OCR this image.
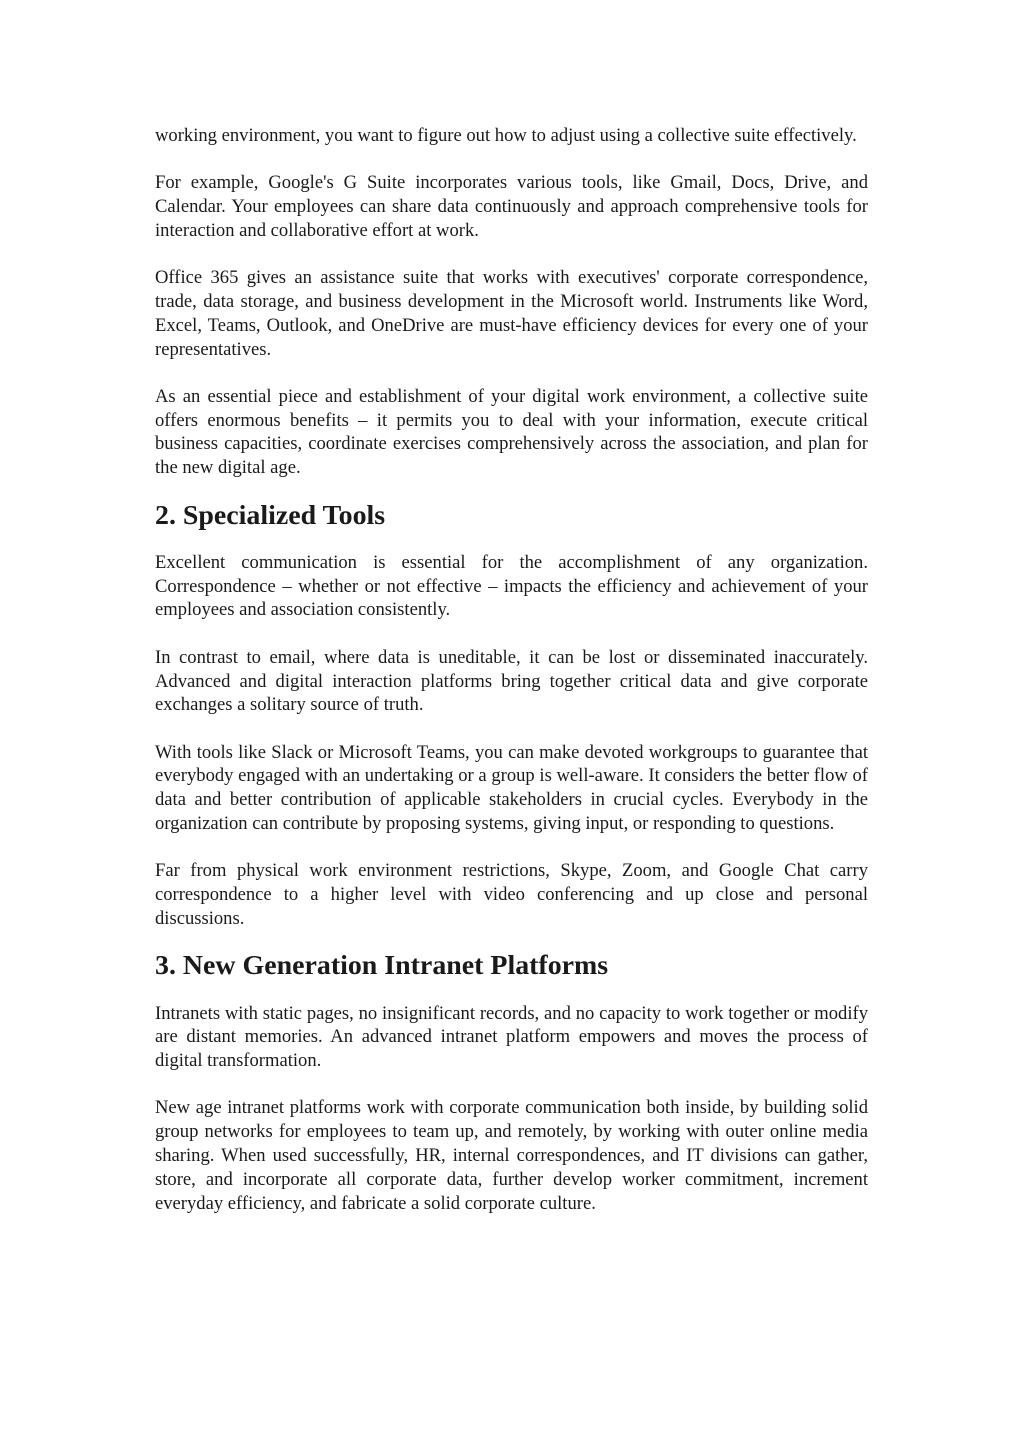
working environment, you want to figure out how to adjust using a collective suite effectively.

For example, Google's G Suite incorporates various tools, like Gmail, Docs, Drive, and Calendar. Your employees can share data continuously and approach comprehensive tools for interaction and collaborative effort at work.

Office 365 gives an assistance suite that works with executives' corporate correspondence, trade, data storage, and business development in the Microsoft world. Instruments like Word, Excel, Teams, Outlook, and OneDrive are must-have efficiency devices for every one of your representatives.

As an essential piece and establishment of your digital work environment, a collective suite offers enormous benefits – it permits you to deal with your information, execute critical business capacities, coordinate exercises comprehensively across the association, and plan for the new digital age.

2. Specialized Tools

Excellent communication is essential for the accomplishment of any organization. Correspondence – whether or not effective – impacts the efficiency and achievement of your employees and association consistently.

In contrast to email, where data is uneditable, it can be lost or disseminated inaccurately. Advanced and digital interaction platforms bring together critical data and give corporate exchanges a solitary source of truth.

With tools like Slack or Microsoft Teams, you can make devoted workgroups to guarantee that everybody engaged with an undertaking or a group is well-aware. It considers the better flow of data and better contribution of applicable stakeholders in crucial cycles. Everybody in the organization can contribute by proposing systems, giving input, or responding to questions.

Far from physical work environment restrictions, Skype, Zoom, and Google Chat carry correspondence to a higher level with video conferencing and up close and personal discussions.

3. New Generation Intranet Platforms

Intranets with static pages, no insignificant records, and no capacity to work together or modify are distant memories. An advanced intranet platform empowers and moves the process of digital transformation.

New age intranet platforms work with corporate communication both inside, by building solid group networks for employees to team up, and remotely, by working with outer online media sharing. When used successfully, HR, internal correspondences, and IT divisions can gather, store, and incorporate all corporate data, further develop worker commitment, increment everyday efficiency, and fabricate a solid corporate culture.
